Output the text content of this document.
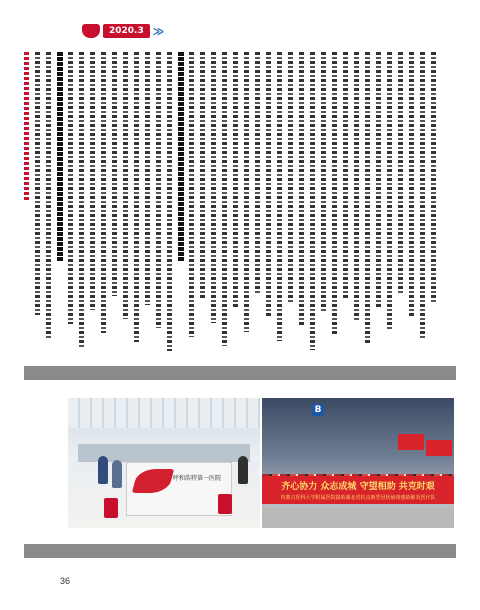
2020.3 ≫
呼和浩特第一医院
B
齐心协力 众志成城 守望相助 共克时艰
内蒙古医科大学附属医院援助湖北省抗击新型冠状病毒感染肺炎医疗队
36
